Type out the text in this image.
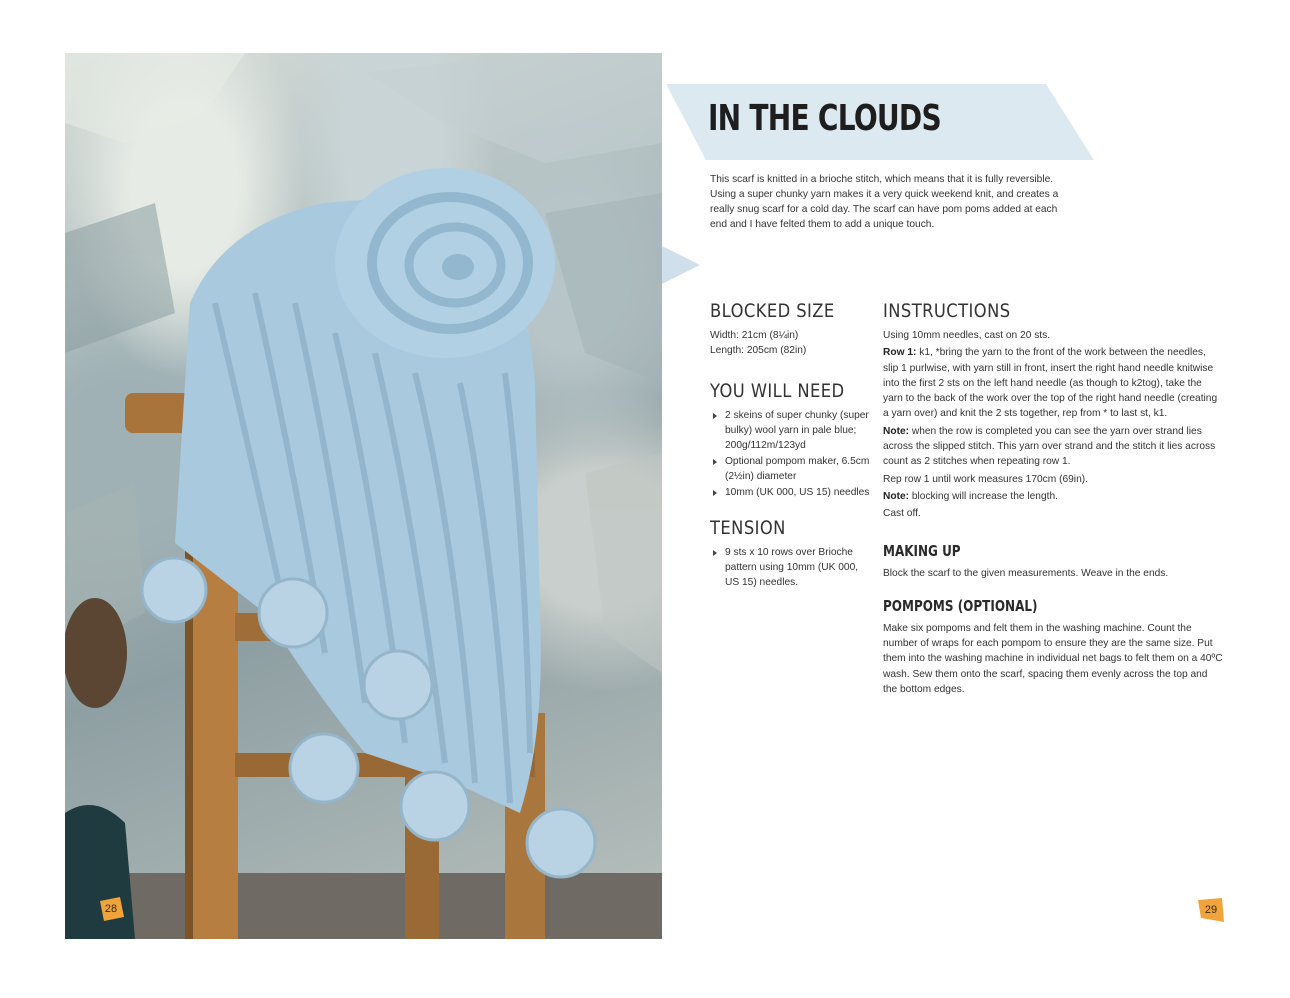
28
IN THE CLOUDS

This scarf is knitted in a brioche stitch, which means that it is fully reversible. Using a super chunky yarn makes it a very quick weekend knit, and creates a really snug scarf for a cold day. The scarf can have pom poms added at each end and I have felted them to add a unique touch.

BLOCKED SIZE

Width: 21cm (8¼in)

Length: 205cm (82in)

YOU WILL NEED
2 skeins of super chunky (super bulky) wool yarn in pale blue; 200g/112m/123yd
Optional pompom maker, 6.5cm (2½in) diameter
10mm (UK 000, US 15) needles
TENSION
9 sts x 10 rows over Brioche pattern using 10mm (UK 000, US 15) needles.
INSTRUCTIONS

Using 10mm needles, cast on 20 sts.

Row 1: k1, *bring the yarn to the front of the work between the needles, slip 1 purlwise, with yarn still in front, insert the right hand needle knitwise into the first 2 sts on the left hand needle (as though to k2tog), take the yarn to the back of the work over the top of the right hand needle (creating a yarn over) and knit the 2 sts together, rep from * to last st, k1.

Note: when the row is completed you can see the yarn over strand lies across the slipped stitch. This yarn over strand and the stitch it lies across count as 2 stitches when repeating row 1.

Rep row 1 until work measures 170cm (69in).

Note: blocking will increase the length.

Cast off.

MAKING UP

Block the scarf to the given measurements. Weave in the ends.

POMPOMS (OPTIONAL)

Make six pompoms and felt them in the washing machine. Count the number of wraps for each pompom to ensure they are the same size. Put them into the washing machine in individual net bags to felt them on a 40ºC wash. Sew them onto the scarf, spacing them evenly across the top and the bottom edges.

29
